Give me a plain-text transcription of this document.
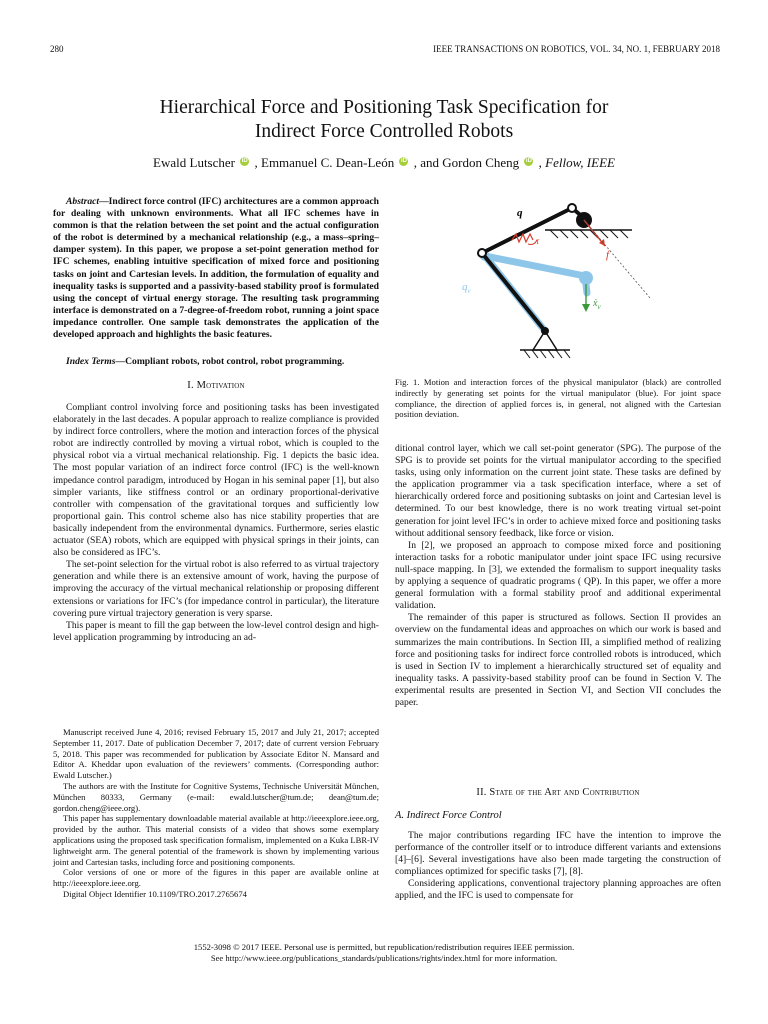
280	IEEE TRANSACTIONS ON ROBOTICS, VOL. 34, NO. 1, FEBRUARY 2018
Hierarchical Force and Positioning Task Specification for
Indirect Force Controlled Robots
Ewald Lutscher iD , Emmanuel C. Dean-León iD , and Gordon Cheng iD , Fellow, IEEE

Abstract—Indirect force control (IFC) architectures are a common approach for dealing with unknown environments. What all IFC schemes have in common is that the relation between the set point and the actual configuration of the robot is determined by a mechanical relationship (e.g., a mass–spring–damper system). In this paper, we propose a set-point generation method for IFC schemes, enabling intuitive specification of mixed force and positioning tasks on joint and Cartesian levels. In addition, the formulation of equality and inequality tasks is supported and a passivity-based stability proof is formulated using the concept of virtual energy storage. The resulting task programming interface is demonstrated on a 7-degree-of-freedom robot, running a joint space impedance controller. One sample task demonstrates the application of the developed approach and highlights the basic features.

Index Terms—Compliant robots, robot control, robot programming.

I. Motivation

Compliant control involving force and positioning tasks has been investigated elaborately in the last decades. A popular approach to realize compliance is provided by indirect force controllers, where the motion and interaction forces of the physical robot are indirectly controlled by moving a virtual robot, which is coupled to the physical robot via a virtual mechanical relationship. Fig. 1 depicts the basic idea. The most popular variation of an indirect force control (IFC) is the well-known impedance control paradigm, introduced by Hogan in his seminal paper [1], but also simpler variants, like stiffness control or an ordinary proportional-derivative controller with compensation of the gravitational torques and sufficiently low proportional gain. This control scheme also has nice stability properties that are basically independent from the environmental dynamics. Furthermore, series elastic actuator (SEA) robots, which are equipped with physical springs in their joints, can also be considered as IFC’s.

The set-point selection for the virtual robot is also referred to as virtual trajectory generation and while there is an extensive amount of work, having the purpose of improving the accuracy of the virtual mechanical relationship or proposing different extensions or variations for IFC’s (for impedance control in particular), the literature covering pure virtual trajectory generation is very sparse.

This paper is meant to fill the gap between the low-level control design and high-level application programming by introducing an ad-

Manuscript received June 4, 2016; revised February 15, 2017 and July 21, 2017; accepted September 11, 2017. Date of publication December 7, 2017; date of current version February 5, 2018. This paper was recommended for publication by Associate Editor N. Mansard and Editor A. Kheddar upon evaluation of the reviewers’ comments. (Corresponding author: Ewald Lutscher.)

The authors are with the Institute for Cognitive Systems, Technische Universität München, München 80333, Germany (e-mail: ewald.lutscher@tum.de; dean@tum.de; gordon.cheng@ieee.org).

This paper has supplementary downloadable material available at http://ieeexplore.ieee.org, provided by the author. This material consists of a video that shows some exemplary applications using the proposed task specification formalism, implemented on a Kuka LBR-IV lightweight arm. The general potential of the framework is shown by implementing various joint and Cartesian tasks, including force and positioning components.

Color versions of one or more of the figures in this paper are available online at http://ieeexplore.ieee.org.

Digital Object Identifier 10.1109/TRO.2017.2765674

q
τ
f
$q_v$
ẋ$_v$
Fig. 1. Motion and interaction forces of the physical manipulator (black) are controlled indirectly by generating set points for the virtual manipulator (blue). For joint space compliance, the direction of applied forces is, in general, not aligned with the Cartesian position deviation.

ditional control layer, which we call set-point generator (SPG). The purpose of the SPG is to provide set points for the virtual manipulator according to the specified tasks, using only information on the current joint state. These tasks are defined by the application programmer via a task specification interface, where a set of hierarchically ordered force and positioning subtasks on joint and Cartesian level is determined. To our best knowledge, there is no work treating virtual set-point generation for joint level IFC’s in order to achieve mixed force and positioning tasks without additional sensory feedback, like force or vision.

In [2], we proposed an approach to compose mixed force and positioning interaction tasks for a robotic manipulator under joint space IFC using recursive null-space mapping. In [3], we extended the formalism to support inequality tasks by applying a sequence of quadratic programs ( QP). In this paper, we offer a more general formulation with a formal stability proof and additional experimental validation.

The remainder of this paper is structured as follows. Section II provides an overview on the fundamental ideas and approaches on which our work is based and summarizes the main contributions. In Section III, a simplified method of realizing force and positioning tasks for indirect force controlled robots is introduced, which is used in Section IV to implement a hierarchically structured set of equality and inequality tasks. A passivity-based stability proof can be found in Section V. The experimental results are presented in Section VI, and Section VII concludes the paper.

II. State of the Art and Contribution
A. Indirect Force Control

The major contributions regarding IFC have the intention to improve the performance of the controller itself or to introduce different variants and extensions [4]–[6]. Several investigations have also been made targeting the construction of compliances optimized for specific tasks [7], [8].

Considering applications, conventional trajectory planning approaches are often applied, and the IFC is used to compensate for

1552-3098 © 2017 IEEE. Personal use is permitted, but republication/redistribution requires IEEE permission.
See http://www.ieee.org/publications_standards/publications/rights/index.html for more information.
